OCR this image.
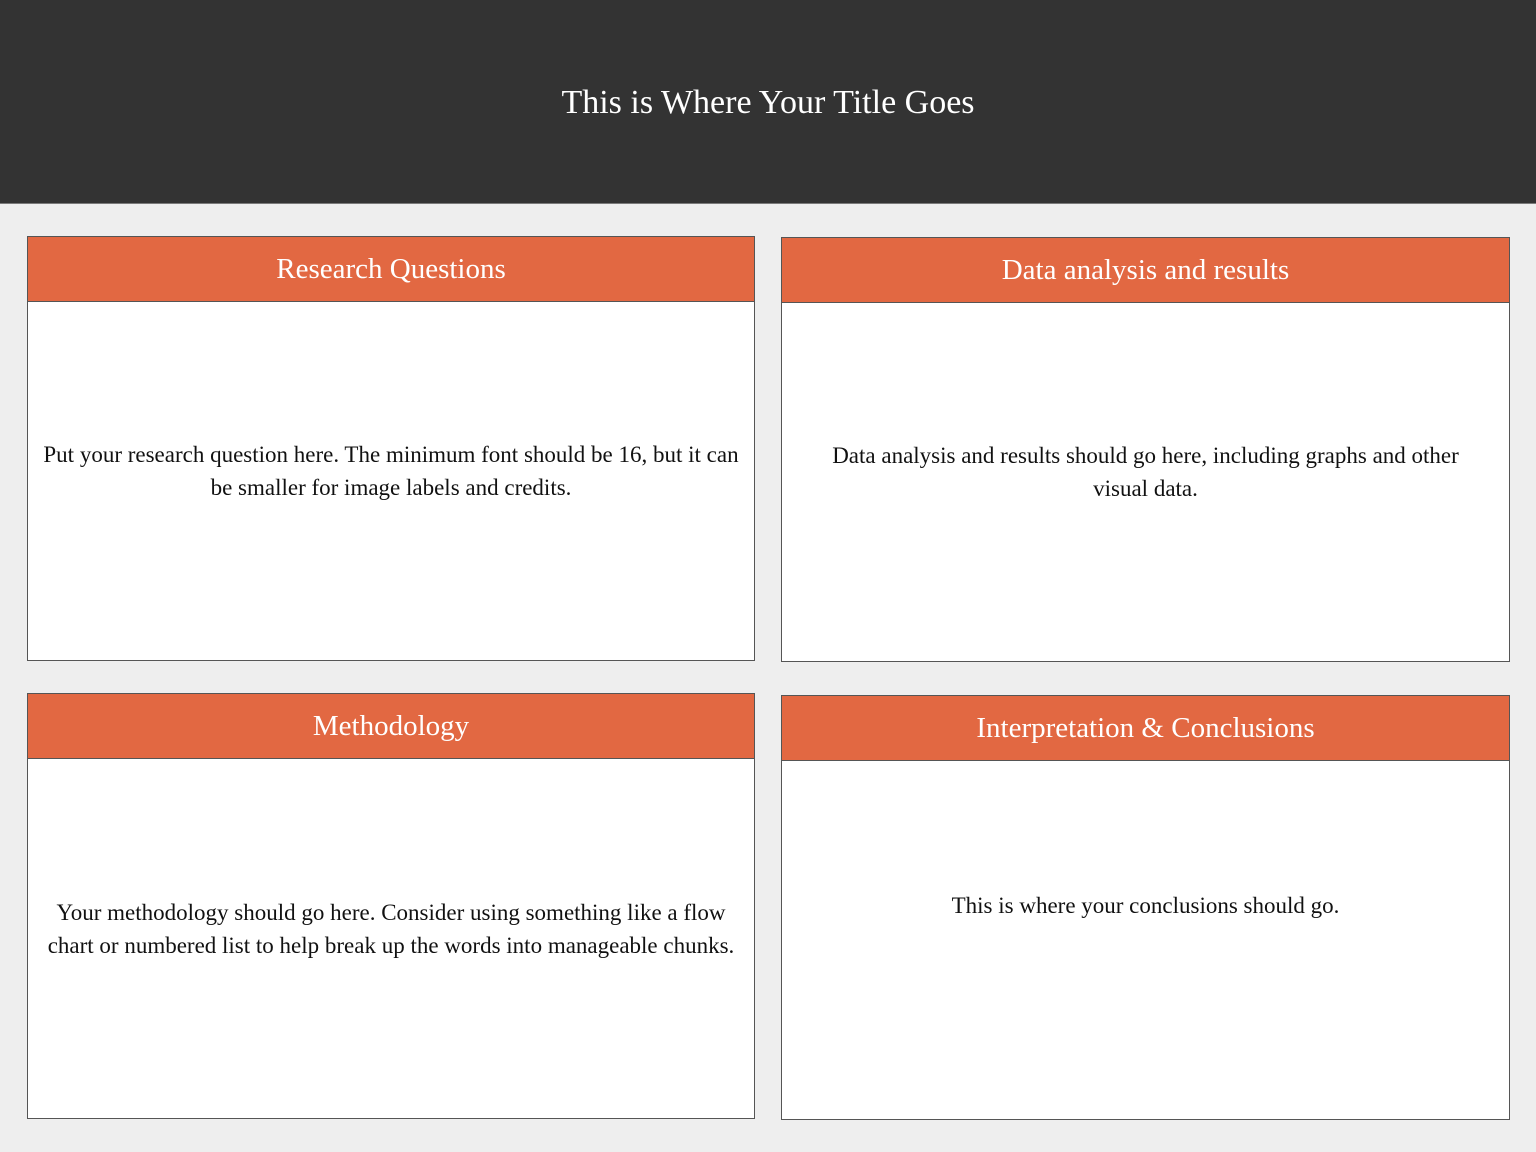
This is Where Your Title Goes
Research Questions

Put your research question here. The minimum font should be 16, but it can be smaller for image labels and credits.

Data analysis and results

Data analysis and results should go here, including graphs and other visual data.

Methodology

Your methodology should go here. Consider using something like a flow chart or numbered list to help break up the words into manageable chunks.

Interpretation & Conclusions

This is where your conclusions should go.
